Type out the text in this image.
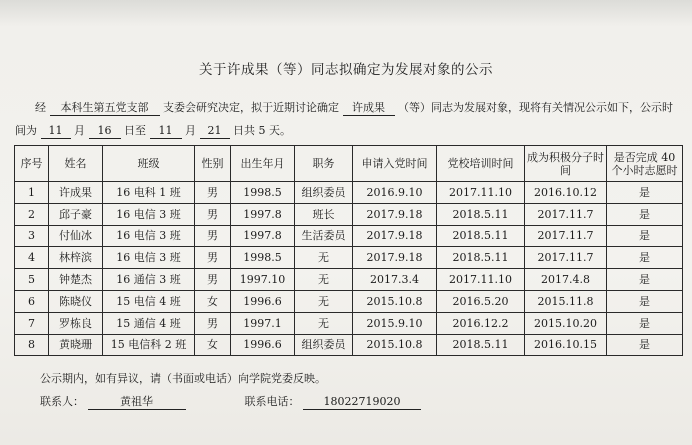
关于许成果（等）同志拟确定为发展对象的公示
经 本科生第五党支部 支委会研究决定，拟于近期讨论确定 许成果 （等）同志为发展对象，现将有关情况公示如下，公示时
间为 11 月 16 日至 11 月 21 日共 5 天。
序号	姓名	班级	性别	出生年月	职务	申请入党时间	党校培训时间	成为积极分子时间	是否完成 40 个小时志愿时
1	许成果	16 电科 1 班	男	1998.5	组织委员	2016.9.10	2017.11.10	2016.10.12	是
2	邱子豪	16 电信 3 班	男	1997.8	班长	2017.9.18	2018.5.11	2017.11.7	是
3	付仙冰	16 电信 3 班	男	1997.8	生活委员	2017.9.18	2018.5.11	2017.11.7	是
4	林梓滨	16 电信 3 班	男	1998.5	无	2017.9.18	2018.5.11	2017.11.7	是
5	钟楚杰	16 通信 3 班	男	1997.10	无	2017.3.4	2017.11.10	2017.4.8	是
6	陈晓仪	15 电信 4 班	女	1996.6	无	2015.10.8	2016.5.20	2015.11.8	是
7	罗栋良	15 通信 4 班	男	1997.1	无	2015.9.10	2016.12.2	2015.10.20	是
8	黄晓珊	15 电信科 2 班	女	1996.6	组织委员	2015.10.8	2018.5.11	2016.10.15	是
公示期内，如有异议，请（书面或电话）向学院党委反映。
联系人：	黄祖华	联系电话： 18022719020
